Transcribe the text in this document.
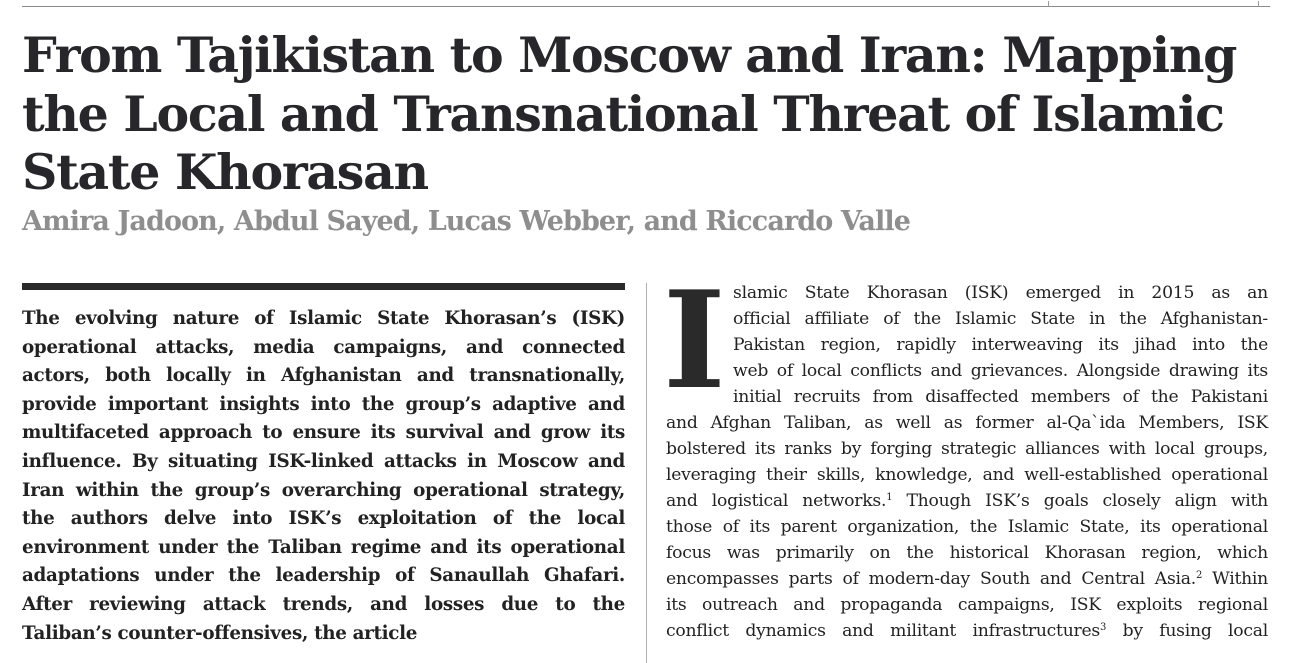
From Tajikistan to Moscow and Iran: Mapping the Local and Transnational Threat of Islamic State Khorasan

Amira Jadoon, Abdul Sayed, Lucas Webber, and Riccardo Valle

The evolving nature of Islamic State Khorasan’s (ISK) operational attacks, media campaigns, and connected actors, both locally in Afghanistan and transnationally, provide important insights into the group’s adaptive and multifaceted approach to ensure its survival and grow its influence. By situating ISK-linked attacks in Moscow and Iran within the group’s overarching operational strategy, the authors delve into ISK’s exploitation of the local environment under the Taliban regime and its operational adaptations under the leadership of Sanaullah Ghafari. After reviewing attack trends, and losses due to the Taliban’s counter-offensives, the article

I slamic State Khorasan (ISK) emerged in 2015 as an

official affiliate of the Islamic State in the Afghanistan-

Pakistan region, rapidly interweaving its jihad into the

web of local conflicts and grievances. Alongside drawing its

initial recruits from disaffected members of the Pakistani

and Afghan Taliban, as well as former al-Qa`ida Members, ISK

bolstered its ranks by forging strategic alliances with local groups,

leveraging their skills, knowledge, and well-established operational

and logistical networks.$^1$ Though ISK’s goals closely align with

those of its parent organization, the Islamic State, its operational

focus was primarily on the historical Khorasan region, which

encompasses parts of modern-day South and Central Asia.$^2$ Within

its outreach and propaganda campaigns, ISK exploits regional

conflict dynamics and militant infrastructures$^3$ by fusing local
